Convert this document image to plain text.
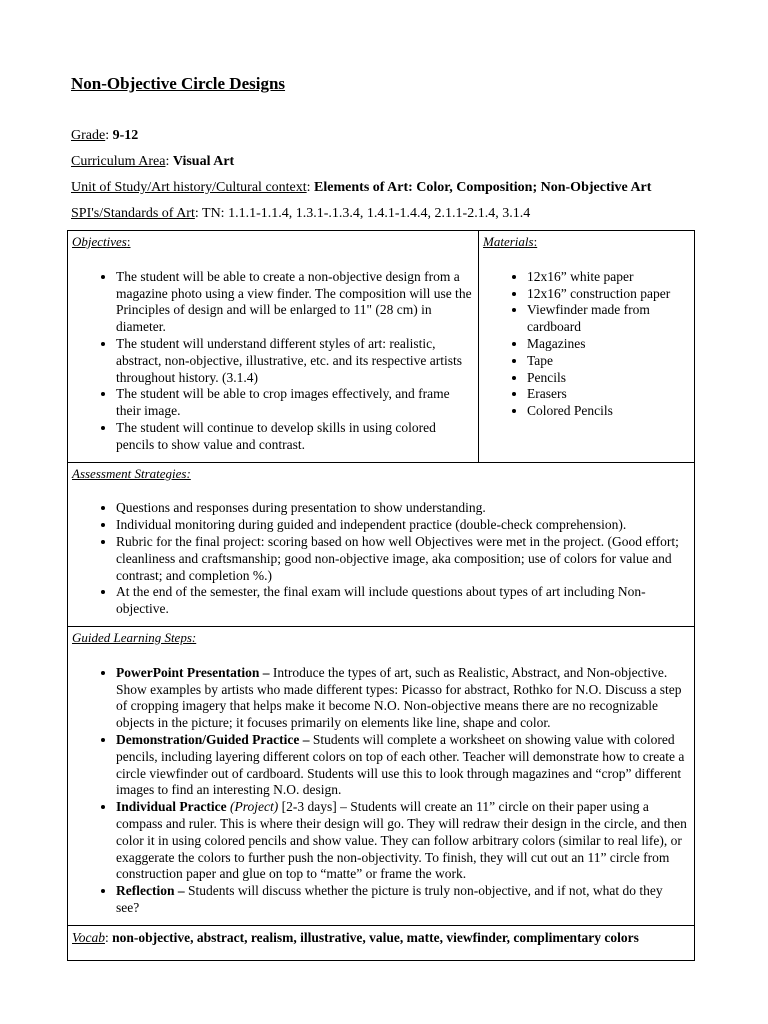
Non-Objective Circle Designs
Grade: 9-12
Curriculum Area: Visual Art
Unit of Study/Art history/Cultural context: Elements of Art: Color, Composition; Non-Objective Art
SPI's/Standards of Art: TN: 1.1.1-1.1.4, 1.3.1-.1.3.4, 1.4.1-1.4.4, 2.1.1-2.1.4, 3.1.4
Objectives:
• The student will be able to create a non-objective design from a magazine photo using a view finder. The composition will use the Principles of design and will be enlarged to 11" (28 cm) in diameter.
• The student will understand different styles of art: realistic, abstract, non-objective, illustrative, etc. and its respective artists throughout history. (3.1.4)
• The student will be able to crop images effectively, and frame their image.
• The student will continue to develop skills in using colored pencils to show value and contrast.

Materials:
• 12x16” white paper
• 12x16” construction paper
• Viewfinder made from cardboard
• Magazines
• Tape
• Pencils
• Erasers
• Colored Pencils

Assessment Strategies:
• Questions and responses during presentation to show understanding.
• Individual monitoring during guided and independent practice (double-check comprehension).
• Rubric for the final project: scoring based on how well Objectives were met in the project. (Good effort; cleanliness and craftsmanship; good non-objective image, aka composition; use of colors for value and contrast; and completion %.)
• At the end of the semester, the final exam will include questions about types of art including Non-objective.

Guided Learning Steps:
• PowerPoint Presentation – Introduce the types of art, such as Realistic, Abstract, and Non-objective. Show examples by artists who made different types: Picasso for abstract, Rothko for N.O. Discuss a step of cropping imagery that helps make it become N.O. Non-objective means there are no recognizable objects in the picture; it focuses primarily on elements like line, shape and color.
• Demonstration/Guided Practice – Students will complete a worksheet on showing value with colored pencils, including layering different colors on top of each other. Teacher will demonstrate how to create a circle viewfinder out of cardboard. Students will use this to look through magazines and “crop” different images to find an interesting N.O. design.
• Individual Practice (Project) [2-3 days] – Students will create an 11” circle on their paper using a compass and ruler. This is where their design will go. They will redraw their design in the circle, and then color it in using colored pencils and show value. They can follow arbitrary colors (similar to real life), or exaggerate the colors to further push the non-objectivity. To finish, they will cut out an 11” circle from construction paper and glue on top to “matte” or frame the work.
• Reflection – Students will discuss whether the picture is truly non-objective, and if not, what do they see?

Vocab: non-objective, abstract, realism, illustrative, value, matte, viewfinder, complimentary colors
